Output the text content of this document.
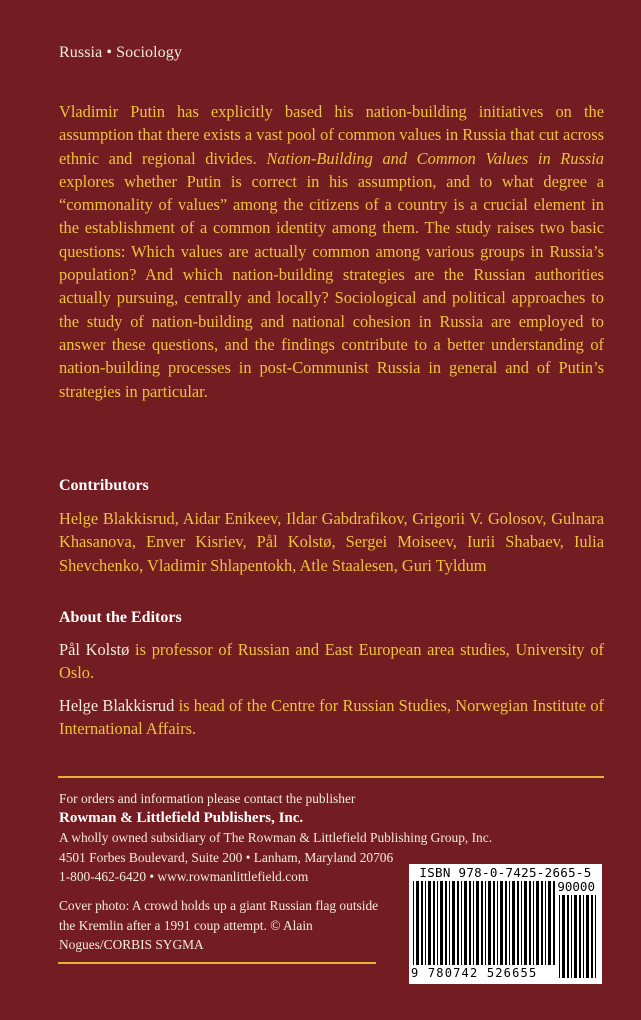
Russia • Sociology

Vladimir Putin has explicitly based his nation-building initiatives on the assumption that there exists a vast pool of common values in Russia that cut across ethnic and regional divides. Nation-Building and Common Values in Russia explores whether Putin is correct in his assumption, and to what degree a “commonality of values” among the citizens of a country is a crucial element in the establishment of a common identity among them. The study raises two basic questions: Which values are actually common among various groups in Russia’s population? And which nation-building strategies are the Russian authorities actually pursuing, centrally and locally? Sociological and political approaches to the study of nation-building and national cohesion in Russia are employed to answer these questions, and the findings contribute to a better understanding of nation-building processes in post-Communist Russia in general and of Putin’s strategies in particular.

Contributors

Helge Blakkisrud, Aidar Enikeev, Ildar Gabdrafikov, Grigorii V. Golosov, Gulnara Khasanova, Enver Kisriev, Pål Kolstø, Sergei Moiseev, Iurii Shabaev, Iulia Shevchenko, Vladimir Shlapentokh, Atle Staalesen, Guri Tyldum

About the Editors

Pål Kolstø is professor of Russian and East European area studies, University of Oslo.

Helge Blakkisrud is head of the Centre for Russian Studies, Norwegian Institute of International Affairs.

For orders and information please contact the publisher
Rowman & Littlefield Publishers, Inc.
A wholly owned subsidiary of The Rowman & Littlefield Publishing Group, Inc.
4501 Forbes Boulevard, Suite 200 • Lanham, Maryland 20706
1-800-462-6420 • www.rowmanlittlefield.com
Cover photo: A crowd holds up a giant Russian flag outside the Kremlin after a 1991 coup attempt. © Alain Nogues/CORBIS SYGMA
ISBN 978-0-7425-2665-5
90000
9 780742 526655
